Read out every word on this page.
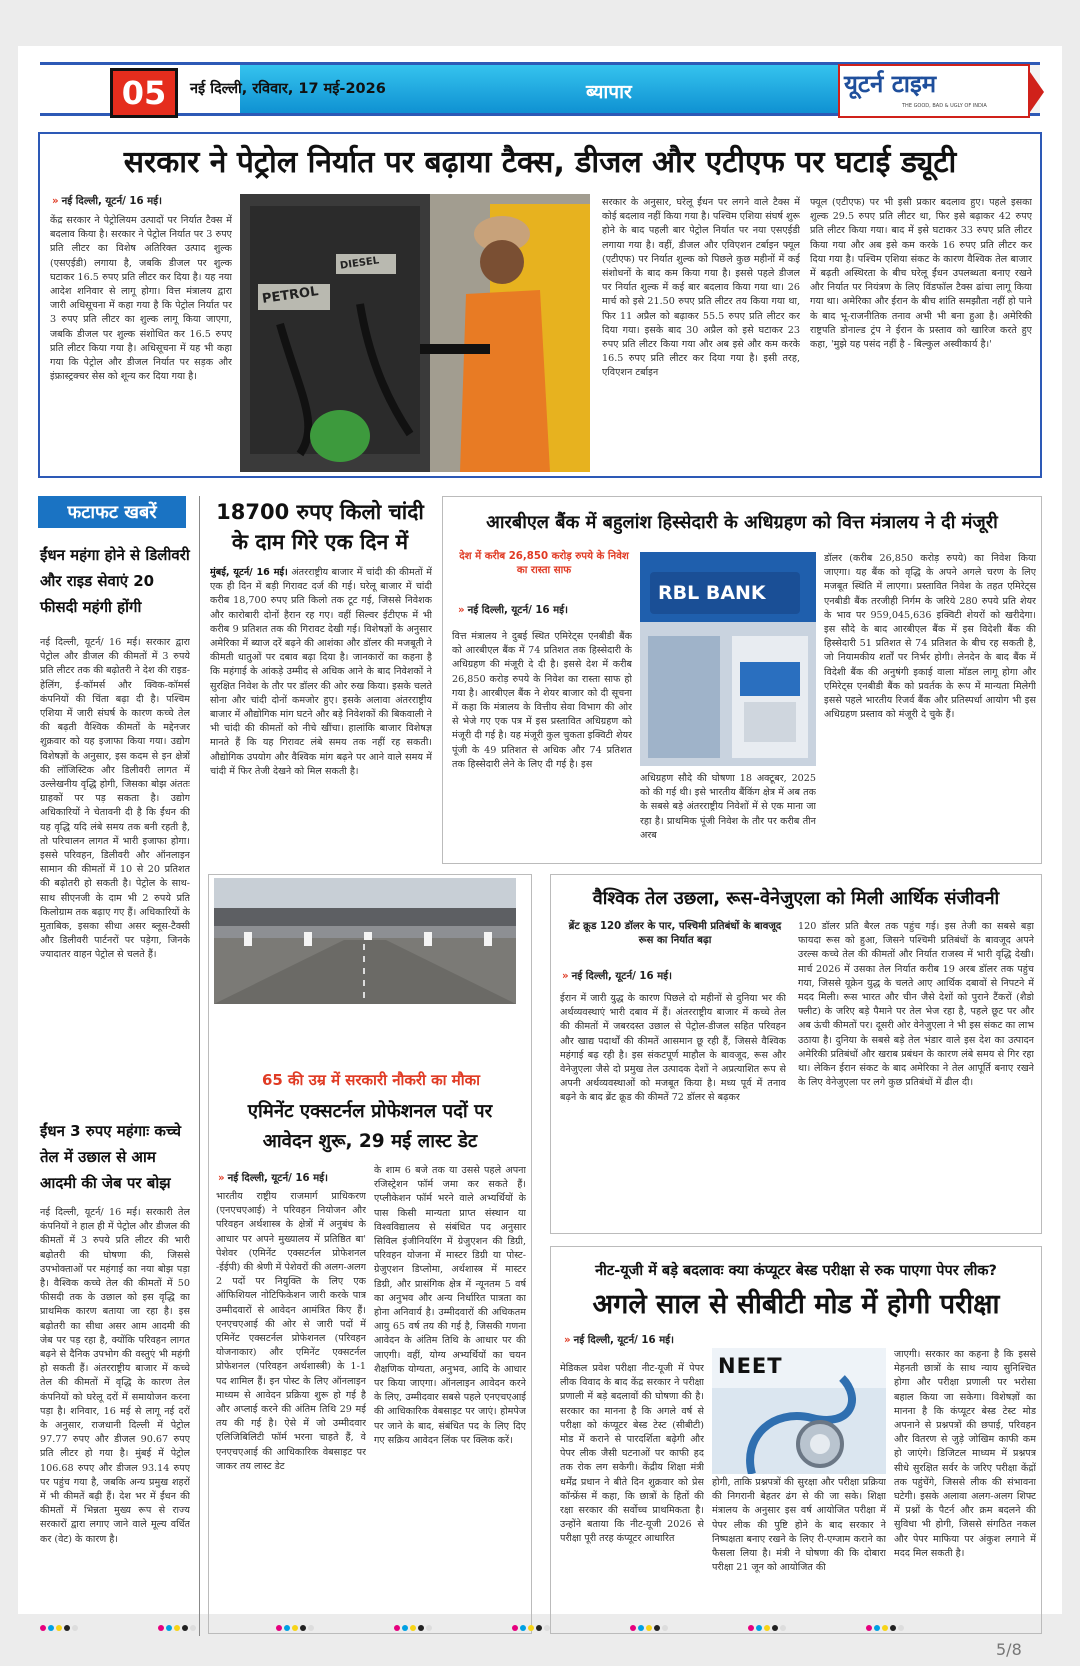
05 नई दिल्ली, रविवार, 17 मई-2026	ब्यापार	यूटर्न टाइम
THE GOOD, BAD & UGLY OF INDIA
सरकार ने पेट्रोल निर्यात पर बढ़ाया टैक्स, डीजल और एटीएफ पर घटाई ड्यूटी
» नई दिल्ली, यूटर्न/ 16 मई।
केंद्र सरकार ने पेट्रोलियम उत्पादों पर निर्यात टैक्स में बदलाव किया है। सरकार ने पेट्रोल निर्यात पर 3 रुपए प्रति लीटर का विशेष अतिरिक्त उत्पाद शुल्क (एसएईडी) लगाया है, जबकि डीजल पर शुल्क घटाकर 16.5 रुपए प्रति लीटर कर दिया है। यह नया आदेश शनिवार से लागू होगा। वित्त मंत्रालय द्वारा जारी अधिसूचना में कहा गया है कि पेट्रोल निर्यात पर 3 रुपए प्रति लीटर का शुल्क लागू किया जाएगा, जबकि डीजल पर शुल्क संशोधित कर 16.5 रुपए प्रति लीटर किया गया है। अधिसूचना में यह भी कहा गया कि पेट्रोल और डीजल निर्यात पर सड़क और इंफ्रास्ट्रक्चर सेस को शून्य कर दिया गया है।
PETROL
DIESEL
सरकार के अनुसार, घरेलू ईंधन पर लगने वाले टैक्स में कोई बदलाव नहीं किया गया है। पश्चिम एशिया संघर्ष शुरू होने के बाद पहली बार पेट्रोल निर्यात पर नया एसएईडी लगाया गया है। वहीं, डीजल और एविएशन टर्बाइन फ्यूल (एटीएफ) पर निर्यात शुल्क को पिछले कुछ महीनों में कई संशोधनों के बाद कम किया गया है। इससे पहले डीजल पर निर्यात शुल्क में कई बार बदलाव किया गया था। 26 मार्च को इसे 21.50 रुपए प्रति लीटर तय किया गया था, फिर 11 अप्रैल को बढ़ाकर 55.5 रुपए प्रति लीटर कर दिया गया। इसके बाद 30 अप्रैल को इसे घटाकर 23 रुपए प्रति लीटर किया गया और अब इसे और कम करके 16.5 रुपए प्रति लीटर कर दिया गया है। इसी तरह, एविएशन टर्बाइन
फ्यूल (एटीएफ) पर भी इसी प्रकार बदलाव हुए। पहले इसका शुल्क 29.5 रुपए प्रति लीटर था, फिर इसे बढ़ाकर 42 रुपए प्रति लीटर किया गया। बाद में इसे घटाकर 33 रुपए प्रति लीटर किया गया और अब इसे कम करके 16 रुपए प्रति लीटर कर दिया गया है। पश्चिम एशिया संकट के कारण वैश्विक तेल बाजार में बढ़ती अस्थिरता के बीच घरेलू ईंधन उपलब्धता बनाए रखने और निर्यात पर नियंत्रण के लिए विंडफॉल टैक्स ढांचा लागू किया गया था। अमेरिका और ईरान के बीच शांति समझौता नहीं हो पाने के बाद भू-राजनीतिक तनाव अभी भी बना हुआ है। अमेरिकी राष्ट्रपति डोनाल्ड ट्रंप ने ईरान के प्रस्ताव को खारिज करते हुए कहा, 'मुझे यह पसंद नहीं है - बिल्कुल अस्वीकार्य है।'
फटाफट खबरें
ईंधन महंगा होने से डिलीवरी और राइड सेवाएं 20 फीसदी महंगी होंगी
नई दिल्ली, यूटर्न/ 16 मई। सरकार द्वारा पेट्रोल और डीजल की कीमतों में 3 रुपये प्रति लीटर तक की बढ़ोतरी ने देश की राइड-हेलिंग, ई-कॉमर्स और क्विक-कॉमर्स कंपनियों की चिंता बढ़ा दी है। पश्चिम एशिया में जारी संघर्ष के कारण कच्चे तेल की बढ़ती वैश्विक कीमतों के मद्देनजर शुक्रवार को यह इजाफा किया गया। उद्योग विशेषज्ञों के अनुसार, इस कदम से इन क्षेत्रों की लॉजिस्टिक और डिलीवरी लागत में उल्लेखनीय वृद्धि होगी, जिसका बोझ अंततः ग्राहकों पर पड़ सकता है। उद्योग अधिकारियों ने चेतावनी दी है कि ईंधन की यह वृद्धि यदि लंबे समय तक बनी रहती है, तो परिचालन लागत में भारी इजाफा होगा। इससे परिवहन, डिलीवरी और ऑनलाइन सामान की कीमतों में 10 से 20 प्रतिशत की बढ़ोतरी हो सकती है। पेट्रोल के साथ-साथ सीएनजी के दाम भी 2 रुपये प्रति किलोग्राम तक बढ़ाए गए हैं। अधिकारियों के मुताबिक, इसका सीधा असर ब्लूस-टैक्सी और डिलीवरी पार्टनरों पर पड़ेगा, जिनके ज्यादातर वाहन पेट्रोल से चलते हैं।
ईंधन 3 रुपए महंगाः कच्चे तेल में उछाल से आम आदमी की जेब पर बोझ
नई दिल्ली, यूटर्न/ 16 मई। सरकारी तेल कंपनियों ने हाल ही में पेट्रोल और डीजल की कीमतों में 3 रुपये प्रति लीटर की भारी बढ़ोतरी की घोषणा की, जिससे उपभोक्ताओं पर महंगाई का नया बोझ पड़ा है। वैश्विक कच्चे तेल की कीमतों में 50 फीसदी तक के उछाल को इस वृद्धि का प्राथमिक कारण बताया जा रहा है। इस बढ़ोतरी का सीधा असर आम आदमी की जेब पर पड़ रहा है, क्योंकि परिवहन लागत बढ़ने से दैनिक उपभोग की वस्तुएं भी महंगी हो सकती हैं। अंतरराष्ट्रीय बाजार में कच्चे तेल की कीमतों में वृद्धि के कारण तेल कंपनियों को घरेलू दरों में समायोजन करना पड़ा है। शनिवार, 16 मई से लागू नई दरों के अनुसार, राजधानी दिल्ली में पेट्रोल 97.77 रुपए और डीजल 90.67 रुपए प्रति लीटर हो गया है। मुंबई में पेट्रोल 106.68 रुपए और डीजल 93.14 रुपए पर पहुंच गया है, जबकि अन्य प्रमुख शहरों में भी कीमतें बढ़ी हैं। देश भर में ईंधन की कीमतों में भिन्नता मुख्य रूप से राज्य सरकारों द्वारा लगाए जाने वाले मूल्य वर्धित कर (वेट) के कारण है।
18700 रुपए किलो चांदी
के दाम गिरे एक दिन में
मुंबई, यूटर्न/ 16 मई। अंतरराष्ट्रीय बाजार में चांदी की कीमतों में एक ही दिन में बड़ी गिरावट दर्ज की गई। घरेलू बाजार में चांदी करीब 18,700 रुपए प्रति किलो तक टूट गई, जिससे निवेशक और कारोबारी दोनों हैरान रह गए। वहीं सिल्वर ईटीएफ में भी करीब 9 प्रतिशत तक की गिरावट देखी गई। विशेषज्ञों के अनुसार अमेरिका में ब्याज दरें बढ़ने की आशंका और डॉलर की मजबूती ने कीमती धातुओं पर दबाव बढ़ा दिया है। जानकारों का कहना है कि महंगाई के आंकड़े उम्मीद से अधिक आने के बाद निवेशकों ने सुरक्षित निवेश के तौर पर डॉलर की ओर रुख किया। इसके चलते सोना और चांदी दोनों कमजोर हुए। इसके अलावा अंतरराष्ट्रीय बाजार में औद्योगिक मांग घटने और बड़े निवेशकों की बिकवाली ने भी चांदी की कीमतों को नीचे खींचा। हालांकि बाजार विशेषज्ञ मानते हैं कि यह गिरावट लंबे समय तक नहीं रह सकती। औद्योगिक उपयोग और वैश्विक मांग बढ़ने पर आने वाले समय में चांदी में फिर तेजी देखने को मिल सकती है।
आरबीएल बैंक में बहुलांश हिस्सेदारी के अधिग्रहण को वित्त मंत्रालय ने दी मंजूरी
देश में करीब 26,850 करोड़ रुपये के निवेश का रास्ता साफ
» नई दिल्ली, यूटर्न/ 16 मई।
वित्त मंत्रालय ने दुबई स्थित एमिरेट्स एनबीडी बैंक को आरबीएल बैंक में 74 प्रतिशत तक हिस्सेदारी के अधिग्रहण की मंजूरी दे दी है। इससे देश में करीब 26,850 करोड़ रुपये के निवेश का रास्ता साफ हो गया है। आरबीएल बैंक ने शेयर बाजार को दी सूचना में कहा कि मंत्रालय के वित्तीय सेवा विभाग की ओर से भेजे गए एक पत्र में इस प्रस्तावित अधिग्रहण को मंजूरी दी गई है। यह मंजूरी कुल चुकता इक्विटी शेयर पूंजी के 49 प्रतिशत से अधिक और 74 प्रतिशत तक हिस्सेदारी लेने के लिए दी गई है। इस
RBL BANK
अधिग्रहण सौदे की घोषणा 18 अक्टूबर, 2025 को की गई थी। इसे भारतीय बैंकिंग क्षेत्र में अब तक के सबसे बड़े अंतरराष्ट्रीय निवेशों में से एक माना जा रहा है। प्राथमिक पूंजी निवेश के तौर पर करीब तीन अरब
डॉलर (करीब 26,850 करोड़ रुपये) का निवेश किया जाएगा। यह बैंक को वृद्धि के अपने अगले चरण के लिए मजबूत स्थिति में लाएगा। प्रस्तावित निवेश के तहत एमिरेट्स एनबीडी बैंक तरजीही निर्गम के जरिये 280 रुपये प्रति शेयर के भाव पर 959,045,636 इक्विटी शेयरों को खरीदेगा। इस सौदे के बाद आरबीएल बैंक में इस विदेशी बैंक की हिस्सेदारी 51 प्रतिशत से 74 प्रतिशत के बीच रह सकती है, जो नियामकीय शर्तों पर निर्भर होगी। लेनदेन के बाद बैंक में विदेशी बैंक की अनुषंगी इकाई वाला मॉडल लागू होगा और एमिरेट्स एनबीडी बैंक को प्रवर्तक के रूप में मान्यता मिलेगी इससे पहले भारतीय रिजर्व बैंक और प्रतिस्पर्धा आयोग भी इस अधिग्रहण प्रस्ताव को मंजूरी दे चुके हैं।
65 की उम्र में सरकारी नौकरी का मौका
एमिनेंट एक्सटर्नल प्रोफेशनल पदों पर
आवेदन शुरू, 29 मई लास्ट डेट
» नई दिल्ली, यूटर्न/ 16 मई।
भारतीय राष्ट्रीय राजमार्ग प्राधिकरण (एनएचएआई) ने परिवहन नियोजन और परिवहन अर्थशास्त्र के क्षेत्रों में अनुबंध के आधार पर अपने मुख्यालय में प्रतिष्ठित बा' पेशेवर (एमिनेंट एक्सटर्नल प्रोफेशनल -ईईपी) की श्रेणी में पेशेवरों की अलग-अलग 2 पदों पर नियुक्ति के लिए एक ऑफिशियल नोटिफिकेशन जारी करके पात्र उम्मीदवारों से आवेदन आमंत्रित किए हैं। एनएचएआई की ओर से जारी पदों में एमिनेंट एक्सटर्नल प्रोफेशनल (परिवहन योजनाकार) और एमिनेंट एक्सटर्नल प्रोफेशनल (परिवहन अर्थशास्त्री) के 1-1 पद शामिल हैं। इन पोस्ट के लिए ऑनलाइन माध्यम से आवेदन प्रक्रिया शुरू हो गई है और अप्लाई करने की अंतिम तिथि 29 मई तय की गई है। ऐसे में जो उम्मीदवार एलिजिबिलिटी फॉर्म भरना चाहते हैं, वे एनएचएआई की आधिकारिक वेबसाइट पर जाकर तय लास्ट डेट
के शाम 6 बजे तक या उससे पहले अपना रजिस्ट्रेशन फॉर्म जमा कर सकते हैं। एप्लीकेशन फॉर्म भरने वाले अभ्यर्थियों के पास किसी मान्यता प्राप्त संस्थान या विश्वविद्यालय से संबंधित पद अनुसार सिविल इंजीनियरिंग में ग्रेजुएशन की डिग्री, परिवहन योजना में मास्टर डिग्री या पोस्ट-ग्रेजुएशन डिप्लोमा, अर्थशास्त्र में मास्टर डिग्री, और प्रासंगिक क्षेत्र में न्यूनतम 5 वर्ष का अनुभव और अन्य निर्धारित पात्रता का होना अनिवार्य है। उम्मीदवारों की अधिकतम आयु 65 वर्ष तय की गई है, जिसकी गणना आवेदन के अंतिम तिथि के आधार पर की जाएगी। वहीं, योग्य अभ्यर्थियों का चयन शैक्षणिक योग्यता, अनुभव, आदि के आधार पर किया जाएगा। ऑनलाइन आवेदन करने के लिए, उम्मीदवार सबसे पहले एनएचएआई की आधिकारिक वेबसाइट पर जाएं। होमपेज पर जाने के बाद, संबंधित पद के लिए दिए गए सक्रिय आवेदन लिंक पर क्लिक करें।
वैश्विक तेल उछला, रूस-वेनेजुएला को मिली आर्थिक संजीवनी
ब्रेंट क्रूड 120 डॉलर के पार, पश्चिमी प्रतिबंधों के बावजूद रूस का निर्यात बढ़ा
» नई दिल्ली, यूटर्न/ 16 मई।
ईरान में जारी युद्ध के कारण पिछले दो महीनों से दुनिया भर की अर्थव्यवस्थाएं भारी दबाव में हैं। अंतरराष्ट्रीय बाजार में कच्चे तेल की कीमतों में जबरदस्त उछाल से पेट्रोल-डीजल सहित परिवहन और खाद्य पदार्थों की कीमतें आसमान छू रही हैं, जिससे वैश्विक महंगाई बढ़ रही है। इस संकटपूर्ण माहौल के बावजूद, रूस और वेनेजुएला जैसे दो प्रमुख तेल उत्पादक देशों ने अप्रत्याशित रूप से अपनी अर्थव्यवस्थाओं को मजबूत किया है। मध्य पूर्व में तनाव बढ़ने के बाद ब्रेंट क्रूड की कीमतें 72 डॉलर से बढ़कर
120 डॉलर प्रति बैरल तक पहुंच गई। इस तेजी का सबसे बड़ा फायदा रूस को हुआ, जिसने पश्चिमी प्रतिबंधों के बावजूद अपने उरल्स कच्चे तेल की कीमतों और निर्यात राजस्व में भारी वृद्धि देखी। मार्च 2026 में उसका तेल निर्यात करीब 19 अरब डॉलर तक पहुंच गया, जिससे यूक्रेन युद्ध के चलते आए आर्थिक दबावों से निपटने में मदद मिली। रूस भारत और चीन जैसे देशों को पुराने टैंकरों (शैडो फ्लीट) के जरिए बड़े पैमाने पर तेल भेज रहा है, पहले छूट पर और अब ऊंची कीमतों पर। दूसरी ओर वेनेजुएला ने भी इस संकट का लाभ उठाया है। दुनिया के सबसे बड़े तेल भंडार वाले इस देश का उत्पादन अमेरिकी प्रतिबंधों और खराब प्रबंधन के कारण लंबे समय से गिर रहा था। लेकिन ईरान संकट के बाद अमेरिका ने तेल आपूर्ति बनाए रखने के लिए वेनेजुएला पर लगे कुछ प्रतिबंधों में ढील दी।
नीट-यूजी में बड़े बदलावः क्या कंप्यूटर बेस्ड परीक्षा से रुक पाएगा पेपर लीक?
अगले साल से सीबीटी मोड में होगी परीक्षा
» नई दिल्ली, यूटर्न/ 16 मई।
मेडिकल प्रवेश परीक्षा नीट-यूजी में पेपर लीक विवाद के बाद केंद्र सरकार ने परीक्षा प्रणाली में बड़े बदलावों की घोषणा की है। सरकार का मानना है कि अगले वर्ष से परीक्षा को कंप्यूटर बेस्ड टेस्ट (सीबीटी) मोड में कराने से पारदर्शिता बढ़ेगी और पेपर लीक जैसी घटनाओं पर काफी हद तक रोक लग सकेगी। केंद्रीय शिक्षा मंत्री धर्मेंद्र प्रधान ने बीते दिन शुक्रवार को प्रेस कॉन्फ्रेंस में कहा, कि छात्रों के हितों की रक्षा सरकार की सर्वोच्च प्राथमिकता है। उन्होंने बताया कि नीट-यूजी 2026 से परीक्षा पूरी तरह कंप्यूटर आधारित
NEET
होगी, ताकि प्रश्नपत्रों की सुरक्षा और परीक्षा प्रक्रिया की निगरानी बेहतर ढंग से की जा सके। शिक्षा मंत्रालय के अनुसार इस वर्ष आयोजित परीक्षा में पेपर लीक की पुष्टि होने के बाद सरकार ने निष्पक्षता बनाए रखने के लिए री-एग्जाम कराने का फैसला लिया है। मंत्री ने घोषणा की कि दोबारा परीक्षा 21 जून को आयोजित की
जाएगी। सरकार का कहना है कि इससे मेहनती छात्रों के साथ न्याय सुनिश्चित होगा और परीक्षा प्रणाली पर भरोसा बहाल किया जा सकेगा। विशेषज्ञों का मानना है कि कंप्यूटर बेस्ड टेस्ट मोड अपनाने से प्रश्नपत्रों की छपाई, परिवहन और वितरण से जुड़े जोखिम काफी कम हो जाएंगे। डिजिटल माध्यम में प्रश्नपत्र सीधे सुरक्षित सर्वर के जरिए परीक्षा केंद्रों तक पहुंचेंगे, जिससे लीक की संभावना घटेगी। इसके अलावा अलग-अलग शिफ्ट में प्रश्नों के पैटर्न और क्रम बदलने की सुविधा भी होगी, जिससे संगठित नकल और पेपर माफिया पर अंकुश लगाने में मदद मिल सकती है।
5/8
